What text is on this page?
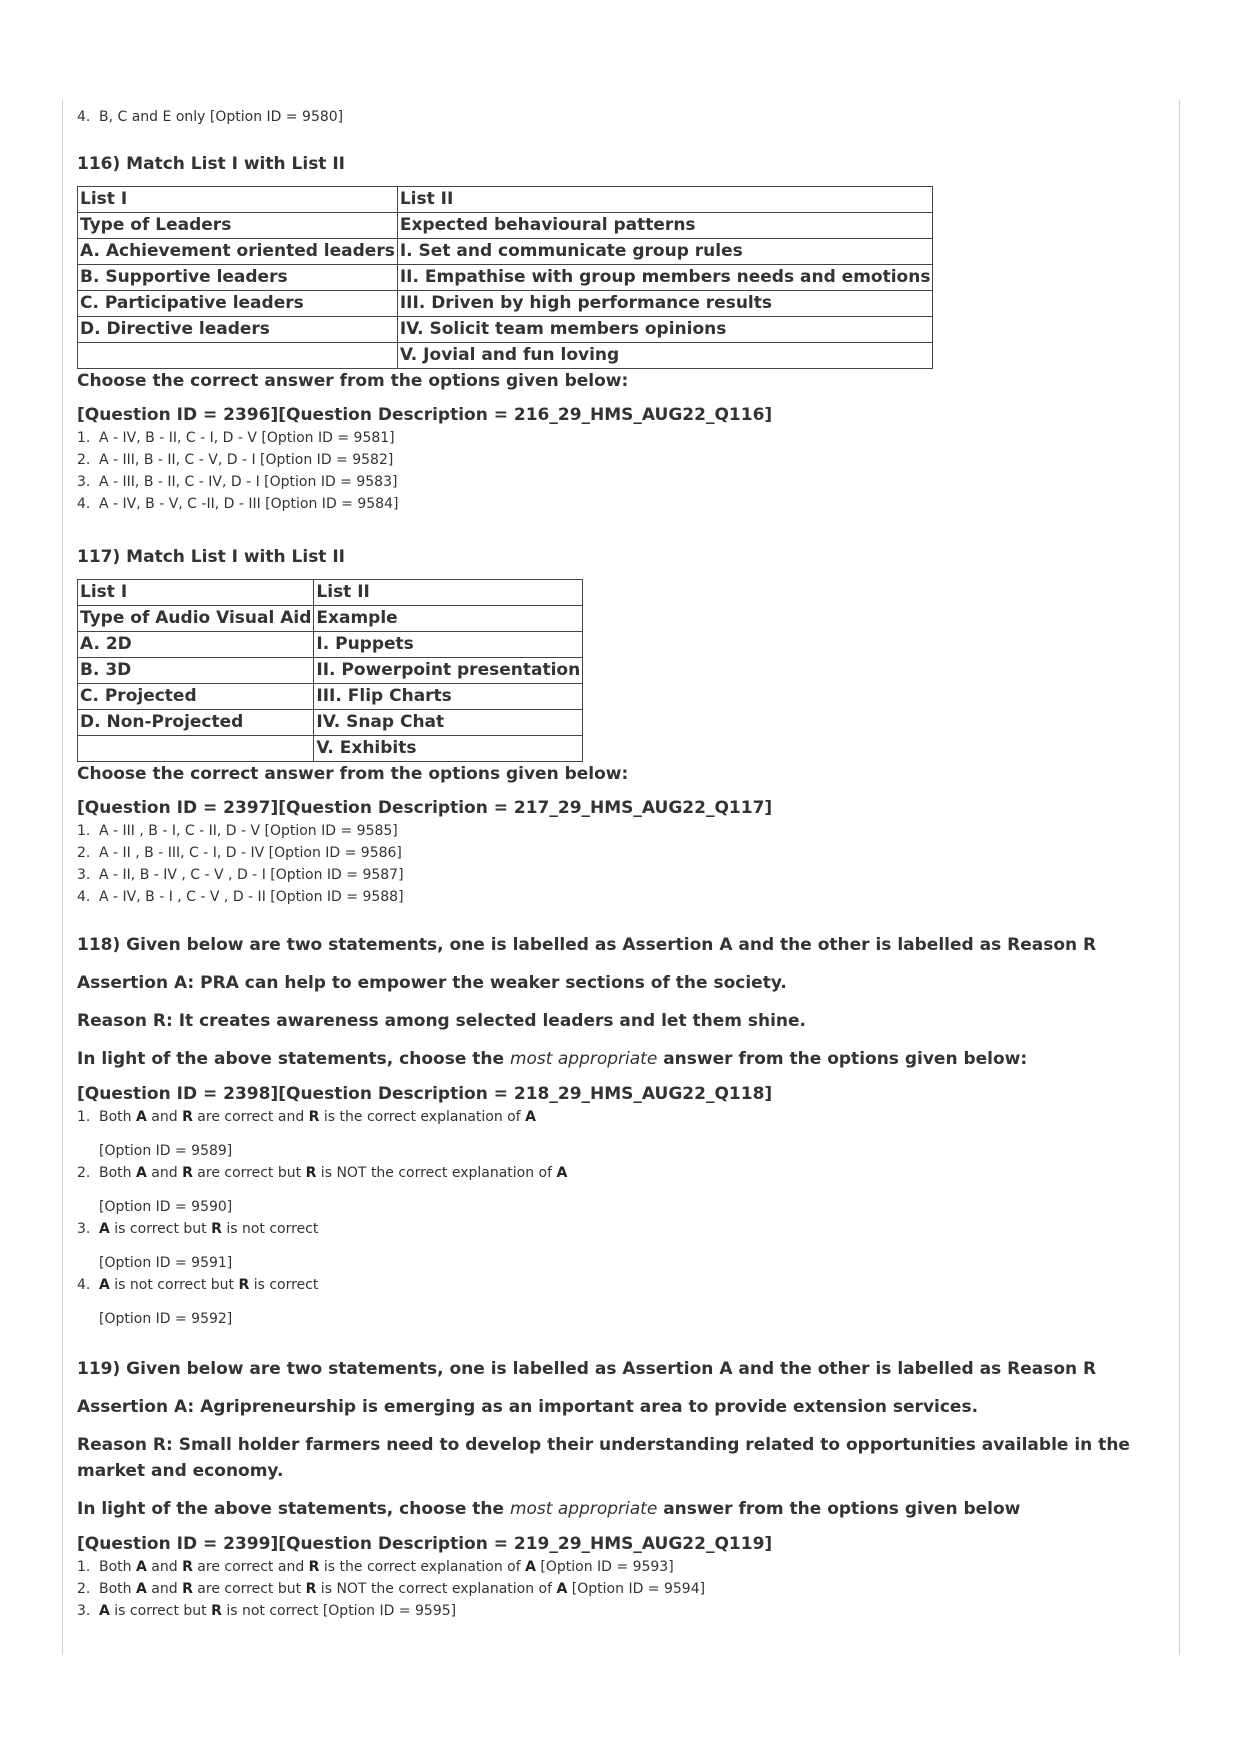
4. B, C and E only [Option ID = 9580]

116) Match List I with List II

List I	List II
Type of Leaders	Expected behavioural patterns
A. Achievement oriented leaders	I. Set and communicate group rules
B. Supportive leaders	II. Empathise with group members needs and emotions
C. Participative leaders	III. Driven by high performance results
D. Directive leaders	IV. Solicit team members opinions
	V. Jovial and fun loving

Choose the correct answer from the options given below:

[Question ID = 2396][Question Description = 216_29_HMS_AUG22_Q116]

1. A - IV, B - II, C - I, D - V [Option ID = 9581]

2. A - III, B - II, C - V, D - I [Option ID = 9582]

3. A - III, B - II, C - IV, D - I [Option ID = 9583]

4. A - IV, B - V, C -II, D - III [Option ID = 9584]

117) Match List I with List II

List I	List II
Type of Audio Visual Aid	Example
A. 2D	I. Puppets
B. 3D	II. Powerpoint presentation
C. Projected	III. Flip Charts
D. Non-Projected	IV. Snap Chat
	V. Exhibits

Choose the correct answer from the options given below:

[Question ID = 2397][Question Description = 217_29_HMS_AUG22_Q117]

1. A - III , B - I, C - II, D - V [Option ID = 9585]

2. A - II , B - III, C - I, D - IV [Option ID = 9586]

3. A - II, B - IV , C - V , D - I [Option ID = 9587]

4. A - IV, B - I , C - V , D - II [Option ID = 9588]

118) Given below are two statements, one is labelled as Assertion A and the other is labelled as Reason R

Assertion A: PRA can help to empower the weaker sections of the society.

Reason R: It creates awareness among selected leaders and let them shine.

In light of the above statements, choose the most appropriate answer from the options given below:

[Question ID = 2398][Question Description = 218_29_HMS_AUG22_Q118]

1. Both A and R are correct and R is the correct explanation of A

[Option ID = 9589]

2. Both A and R are correct but R is NOT the correct explanation of A

[Option ID = 9590]

3. A is correct but R is not correct

[Option ID = 9591]

4. A is not correct but R is correct

[Option ID = 9592]

119) Given below are two statements, one is labelled as Assertion A and the other is labelled as Reason R

Assertion A: Agripreneurship is emerging as an important area to provide extension services.

Reason R: Small holder farmers need to develop their understanding related to opportunities available in the market and economy.

In light of the above statements, choose the most appropriate answer from the options given below

[Question ID = 2399][Question Description = 219_29_HMS_AUG22_Q119]

1. Both A and R are correct and R is the correct explanation of A [Option ID = 9593]

2. Both A and R are correct but R is NOT the correct explanation of A [Option ID = 9594]

3. A is correct but R is not correct [Option ID = 9595]
